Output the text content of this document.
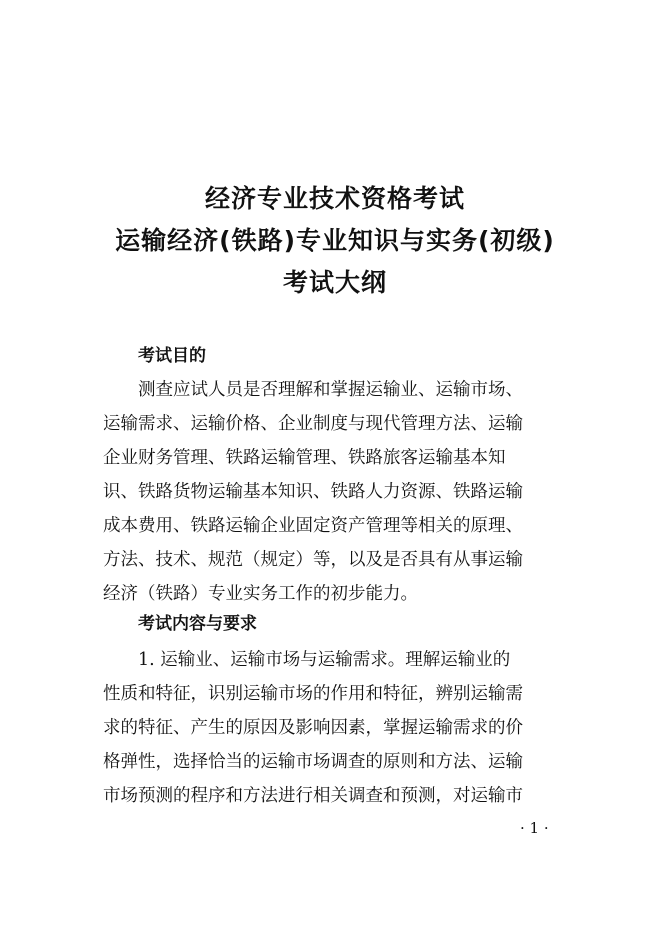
经济专业技术资格考试
运输经济(铁路)专业知识与实务(初级)
考试大纲
考试目的
测查应试人员是否理解和掌握运输业、运输市场、
运输需求、运输价格、企业制度与现代管理方法、运输
企业财务管理、铁路运输管理、铁路旅客运输基本知
识、铁路货物运输基本知识、铁路人力资源、铁路运输
成本费用、铁路运输企业固定资产管理等相关的原理、
方法、技术、规范（规定）等，以及是否具有从事运输
经济（铁路）专业实务工作的初步能力。
考试内容与要求
1. 运输业、运输市场与运输需求。理解运输业的
性质和特征，识别运输市场的作用和特征，辨别运输需
求的特征、产生的原因及影响因素，掌握运输需求的价
格弹性，选择恰当的运输市场调查的原则和方法、运输
市场预测的程序和方法进行相关调查和预测，对运输市
· 1 ·
